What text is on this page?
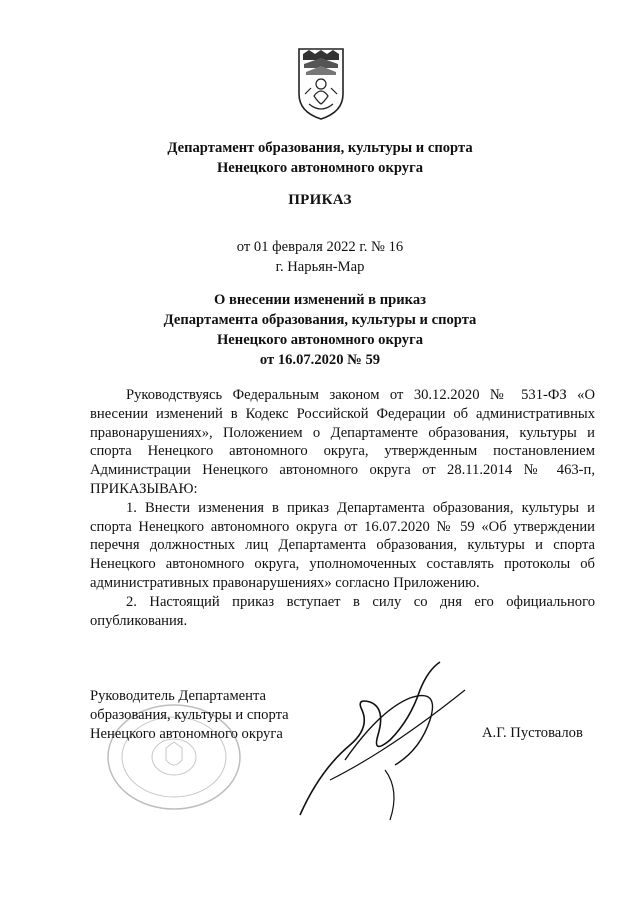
Департамент образования, культуры и спорта
Ненецкого автономного округа
ПРИКАЗ
от 01 февраля 2022 г. № 16
г. Нарьян-Мар
О внесении изменений в приказ
Департамента образования, культуры и спорта
Ненецкого автономного округа
от 16.07.2020 № 59

Руководствуясь Федеральным законом от 30.12.2020 № 531-ФЗ «О внесении изменений в Кодекс Российской Федерации об административных правонарушениях», Положением о Департаменте образования, культуры и спорта Ненецкого автономного округа, утвержденным постановлением Администрации Ненецкого автономного округа от 28.11.2014 № 463-п, ПРИКАЗЫВАЮ:

1. Внести изменения в приказ Департамента образования, культуры и спорта Ненецкого автономного округа от 16.07.2020 № 59 «Об утверждении перечня должностных лиц Департамента образования, культуры и спорта Ненецкого автономного округа, уполномоченных составлять протоколы об административных правонарушениях» согласно Приложению.

2. Настоящий приказ вступает в силу со дня его официального опубликования.

Руководитель Департамента
образования, культуры и спорта
Ненецкого автономного округа	А.Г. Пустовалов
